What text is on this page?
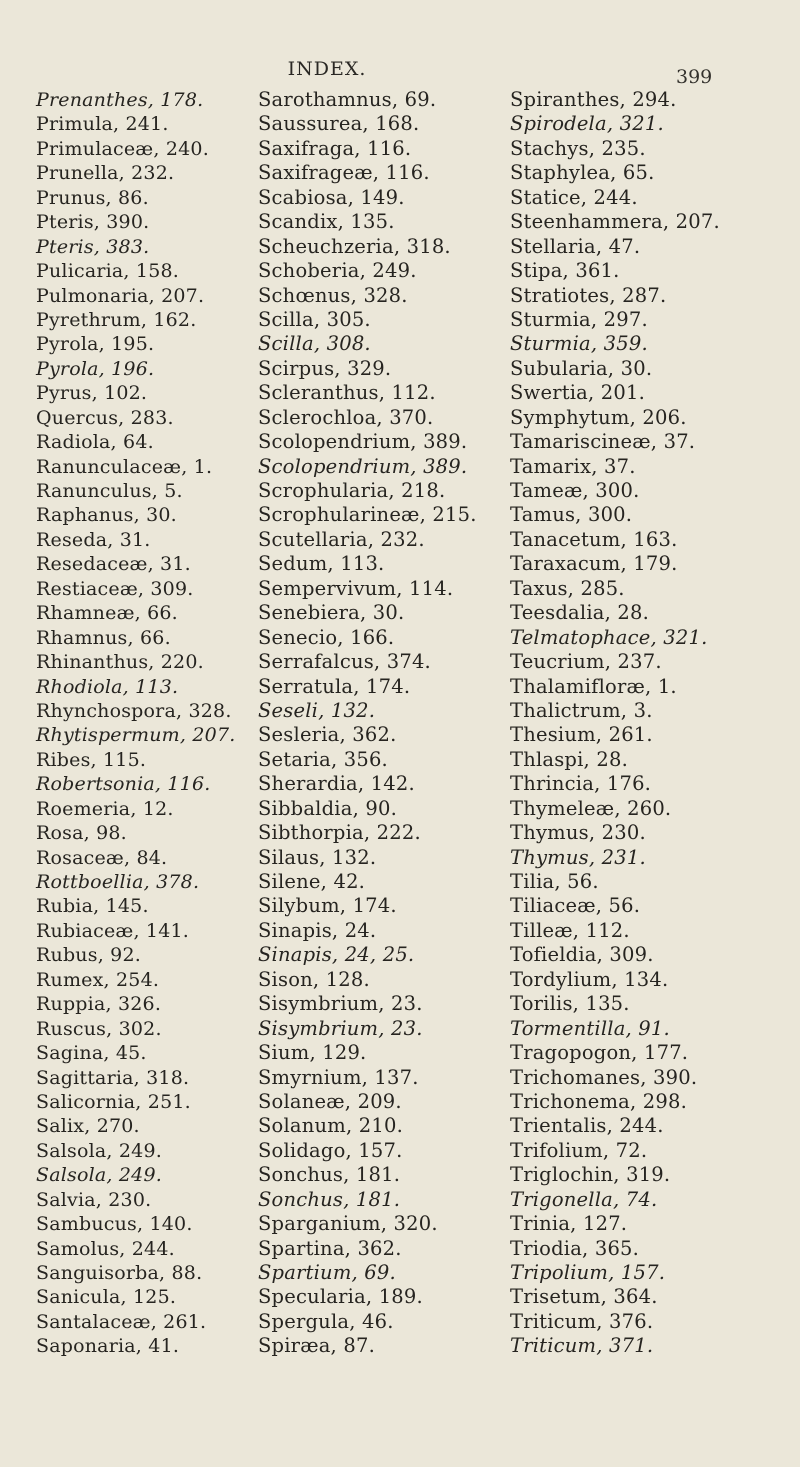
INDEX.	399
Prenanthes, 178.
Primula, 241.
Primulaceæ, 240.
Prunella, 232.
Prunus, 86.
Pteris, 390.
Pteris, 383.
Pulicaria, 158.
Pulmonaria, 207.
Pyrethrum, 162.
Pyrola, 195.
Pyrola, 196.
Pyrus, 102.
Quercus, 283.
Radiola, 64.
Ranunculaceæ, 1.
Ranunculus, 5.
Raphanus, 30.
Reseda, 31.
Resedaceæ, 31.
Restiaceæ, 309.
Rhamneæ, 66.
Rhamnus, 66.
Rhinanthus, 220.
Rhodiola, 113.
Rhynchospora, 328.
Rhytispermum, 207.
Ribes, 115.
Robertsonia, 116.
Roemeria, 12.
Rosa, 98.
Rosaceæ, 84.
Rottboellia, 378.
Rubia, 145.
Rubiaceæ, 141.
Rubus, 92.
Rumex, 254.
Ruppia, 326.
Ruscus, 302.
Sagina, 45.
Sagittaria, 318.
Salicornia, 251.
Salix, 270.
Salsola, 249.
Salsola, 249.
Salvia, 230.
Sambucus, 140.
Samolus, 244.
Sanguisorba, 88.
Sanicula, 125.
Santalaceæ, 261.
Saponaria, 41.
Sarothamnus, 69.
Saussurea, 168.
Saxifraga, 116.
Saxifrageæ, 116.
Scabiosa, 149.
Scandix, 135.
Scheuchzeria, 318.
Schoberia, 249.
Schœnus, 328.
Scilla, 305.
Scilla, 308.
Scirpus, 329.
Scleranthus, 112.
Sclerochloa, 370.
Scolopendrium, 389.
Scolopendrium, 389.
Scrophularia, 218.
Scrophularineæ, 215.
Scutellaria, 232.
Sedum, 113.
Sempervivum, 114.
Senebiera, 30.
Senecio, 166.
Serrafalcus, 374.
Serratula, 174.
Seseli, 132.
Sesleria, 362.
Setaria, 356.
Sherardia, 142.
Sibbaldia, 90.
Sibthorpia, 222.
Silaus, 132.
Silene, 42.
Silybum, 174.
Sinapis, 24.
Sinapis, 24, 25.
Sison, 128.
Sisymbrium, 23.
Sisymbrium, 23.
Sium, 129.
Smyrnium, 137.
Solaneæ, 209.
Solanum, 210.
Solidago, 157.
Sonchus, 181.
Sonchus, 181.
Sparganium, 320.
Spartina, 362.
Spartium, 69.
Specularia, 189.
Spergula, 46.
Spiræa, 87.
Spiranthes, 294.
Spirodela, 321.
Stachys, 235.
Staphylea, 65.
Statice, 244.
Steenhammera, 207.
Stellaria, 47.
Stipa, 361.
Stratiotes, 287.
Sturmia, 297.
Sturmia, 359.
Subularia, 30.
Swertia, 201.
Symphytum, 206.
Tamariscineæ, 37.
Tamarix, 37.
Tameæ, 300.
Tamus, 300.
Tanacetum, 163.
Taraxacum, 179.
Taxus, 285.
Teesdalia, 28.
Telmatophace, 321.
Teucrium, 237.
Thalamifloræ, 1.
Thalictrum, 3.
Thesium, 261.
Thlaspi, 28.
Thrincia, 176.
Thymeleæ, 260.
Thymus, 230.
Thymus, 231.
Tilia, 56.
Tiliaceæ, 56.
Tilleæ, 112.
Tofieldia, 309.
Tordylium, 134.
Torilis, 135.
Tormentilla, 91.
Tragopogon, 177.
Trichomanes, 390.
Trichonema, 298.
Trientalis, 244.
Trifolium, 72.
Triglochin, 319.
Trigonella, 74.
Trinia, 127.
Triodia, 365.
Tripolium, 157.
Trisetum, 364.
Triticum, 376.
Triticum, 371.
